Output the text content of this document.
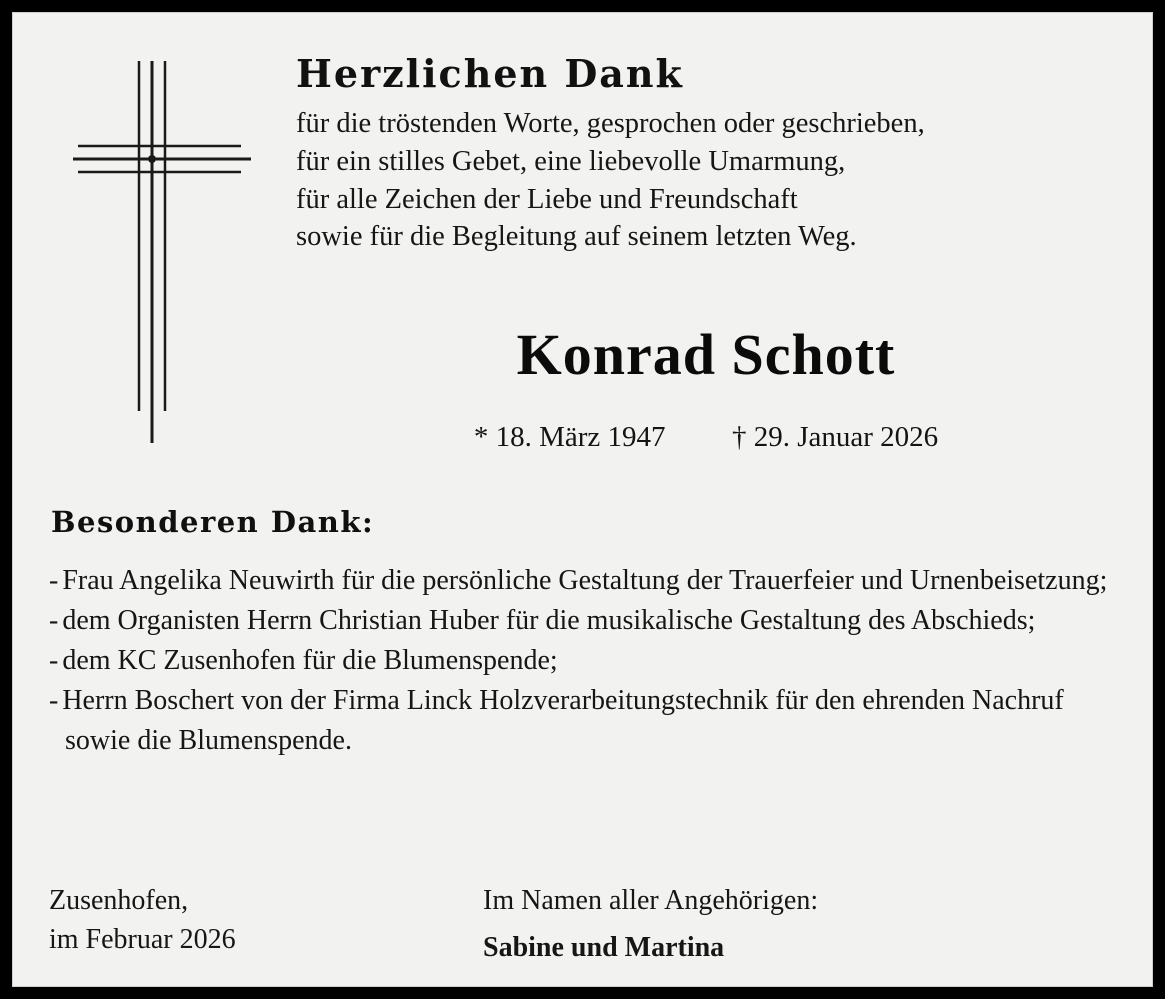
Herzlichen Dank
für die tröstenden Worte, gesprochen oder geschrieben,
für ein stilles Gebet, eine liebevolle Umarmung,
für alle Zeichen der Liebe und Freundschaft
sowie für die Begleitung auf seinem letzten Weg.
Konrad Schott
* 18. März 1947 † 29. Januar 2026
Besonderen Dank:
- Frau Angelika Neuwirth für die persönliche Gestaltung der Trauerfeier und Urnenbeisetzung;
- dem Organisten Herrn Christian Huber für die musikalische Gestaltung des Abschieds;
- dem KC Zusenhofen für die Blumenspende;
- Herrn Boschert von der Firma Linck Holzverarbeitungstechnik für den ehrenden Nachruf sowie die Blumenspende.
Zusenhofen,
im Februar 2026
Im Namen aller Angehörigen:
Sabine und Martina
